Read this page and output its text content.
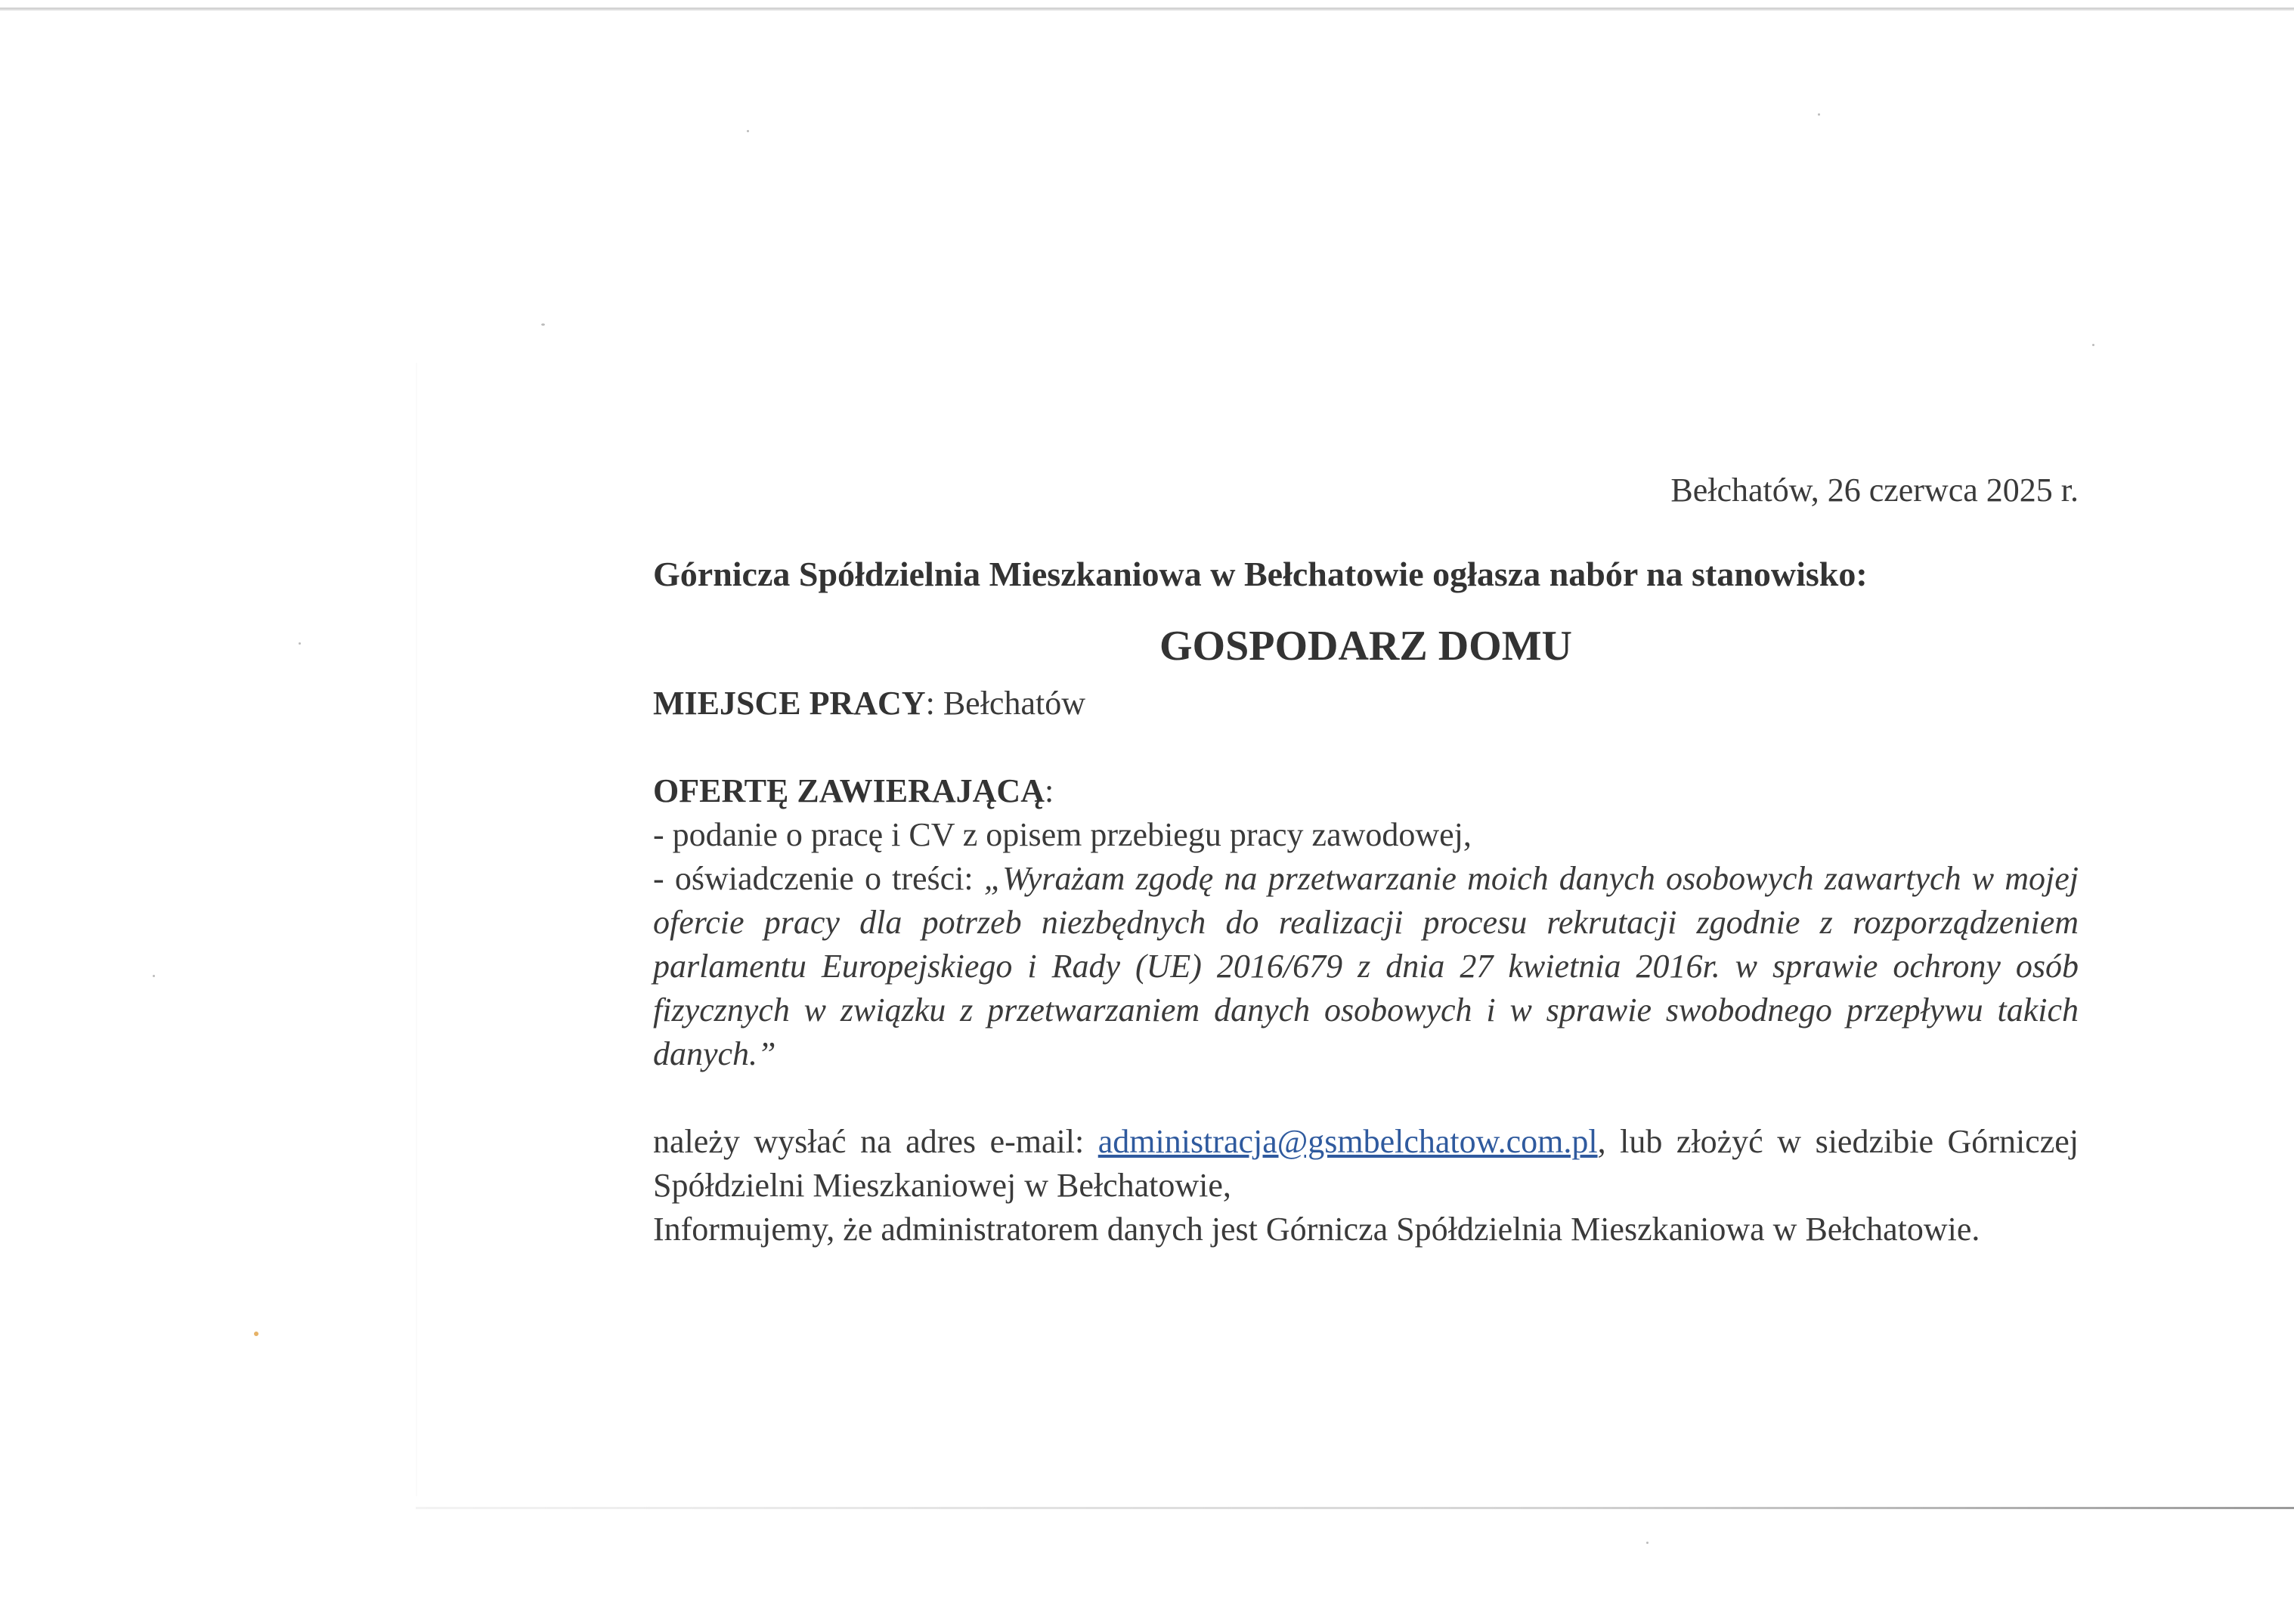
Bełchatów, 26 czerwca 2025 r.

Górnicza Spółdzielnia Mieszkaniowa w Bełchatowie ogłasza nabór na stanowisko:

GOSPODARZ DOMU

MIEJSCE PRACY: Bełchatów

OFERTĘ ZAWIERAJĄCĄ:

- podanie o pracę i CV z opisem przebiegu pracy zawodowej,

- oświadczenie o treści: „Wyrażam zgodę na przetwarzanie moich danych osobowych zawartych w mojej ofercie pracy dla potrzeb niezbędnych do realizacji procesu rekrutacji zgodnie z rozporządzeniem parlamentu Europejskiego i Rady (UE) 2016/679 z dnia 27 kwietnia 2016r. w sprawie ochrony osób fizycznych w związku z przetwarzaniem danych osobowych i w sprawie swobodnego przepływu takich danych.”

należy wysłać na adres e-mail: administracja@gsmbelchatow.com.pl, lub złożyć w siedzibie Górniczej Spółdzielni Mieszkaniowej w Bełchatowie,

Informujemy, że administratorem danych jest Górnicza Spółdzielnia Mieszkaniowa w Bełchatowie.
